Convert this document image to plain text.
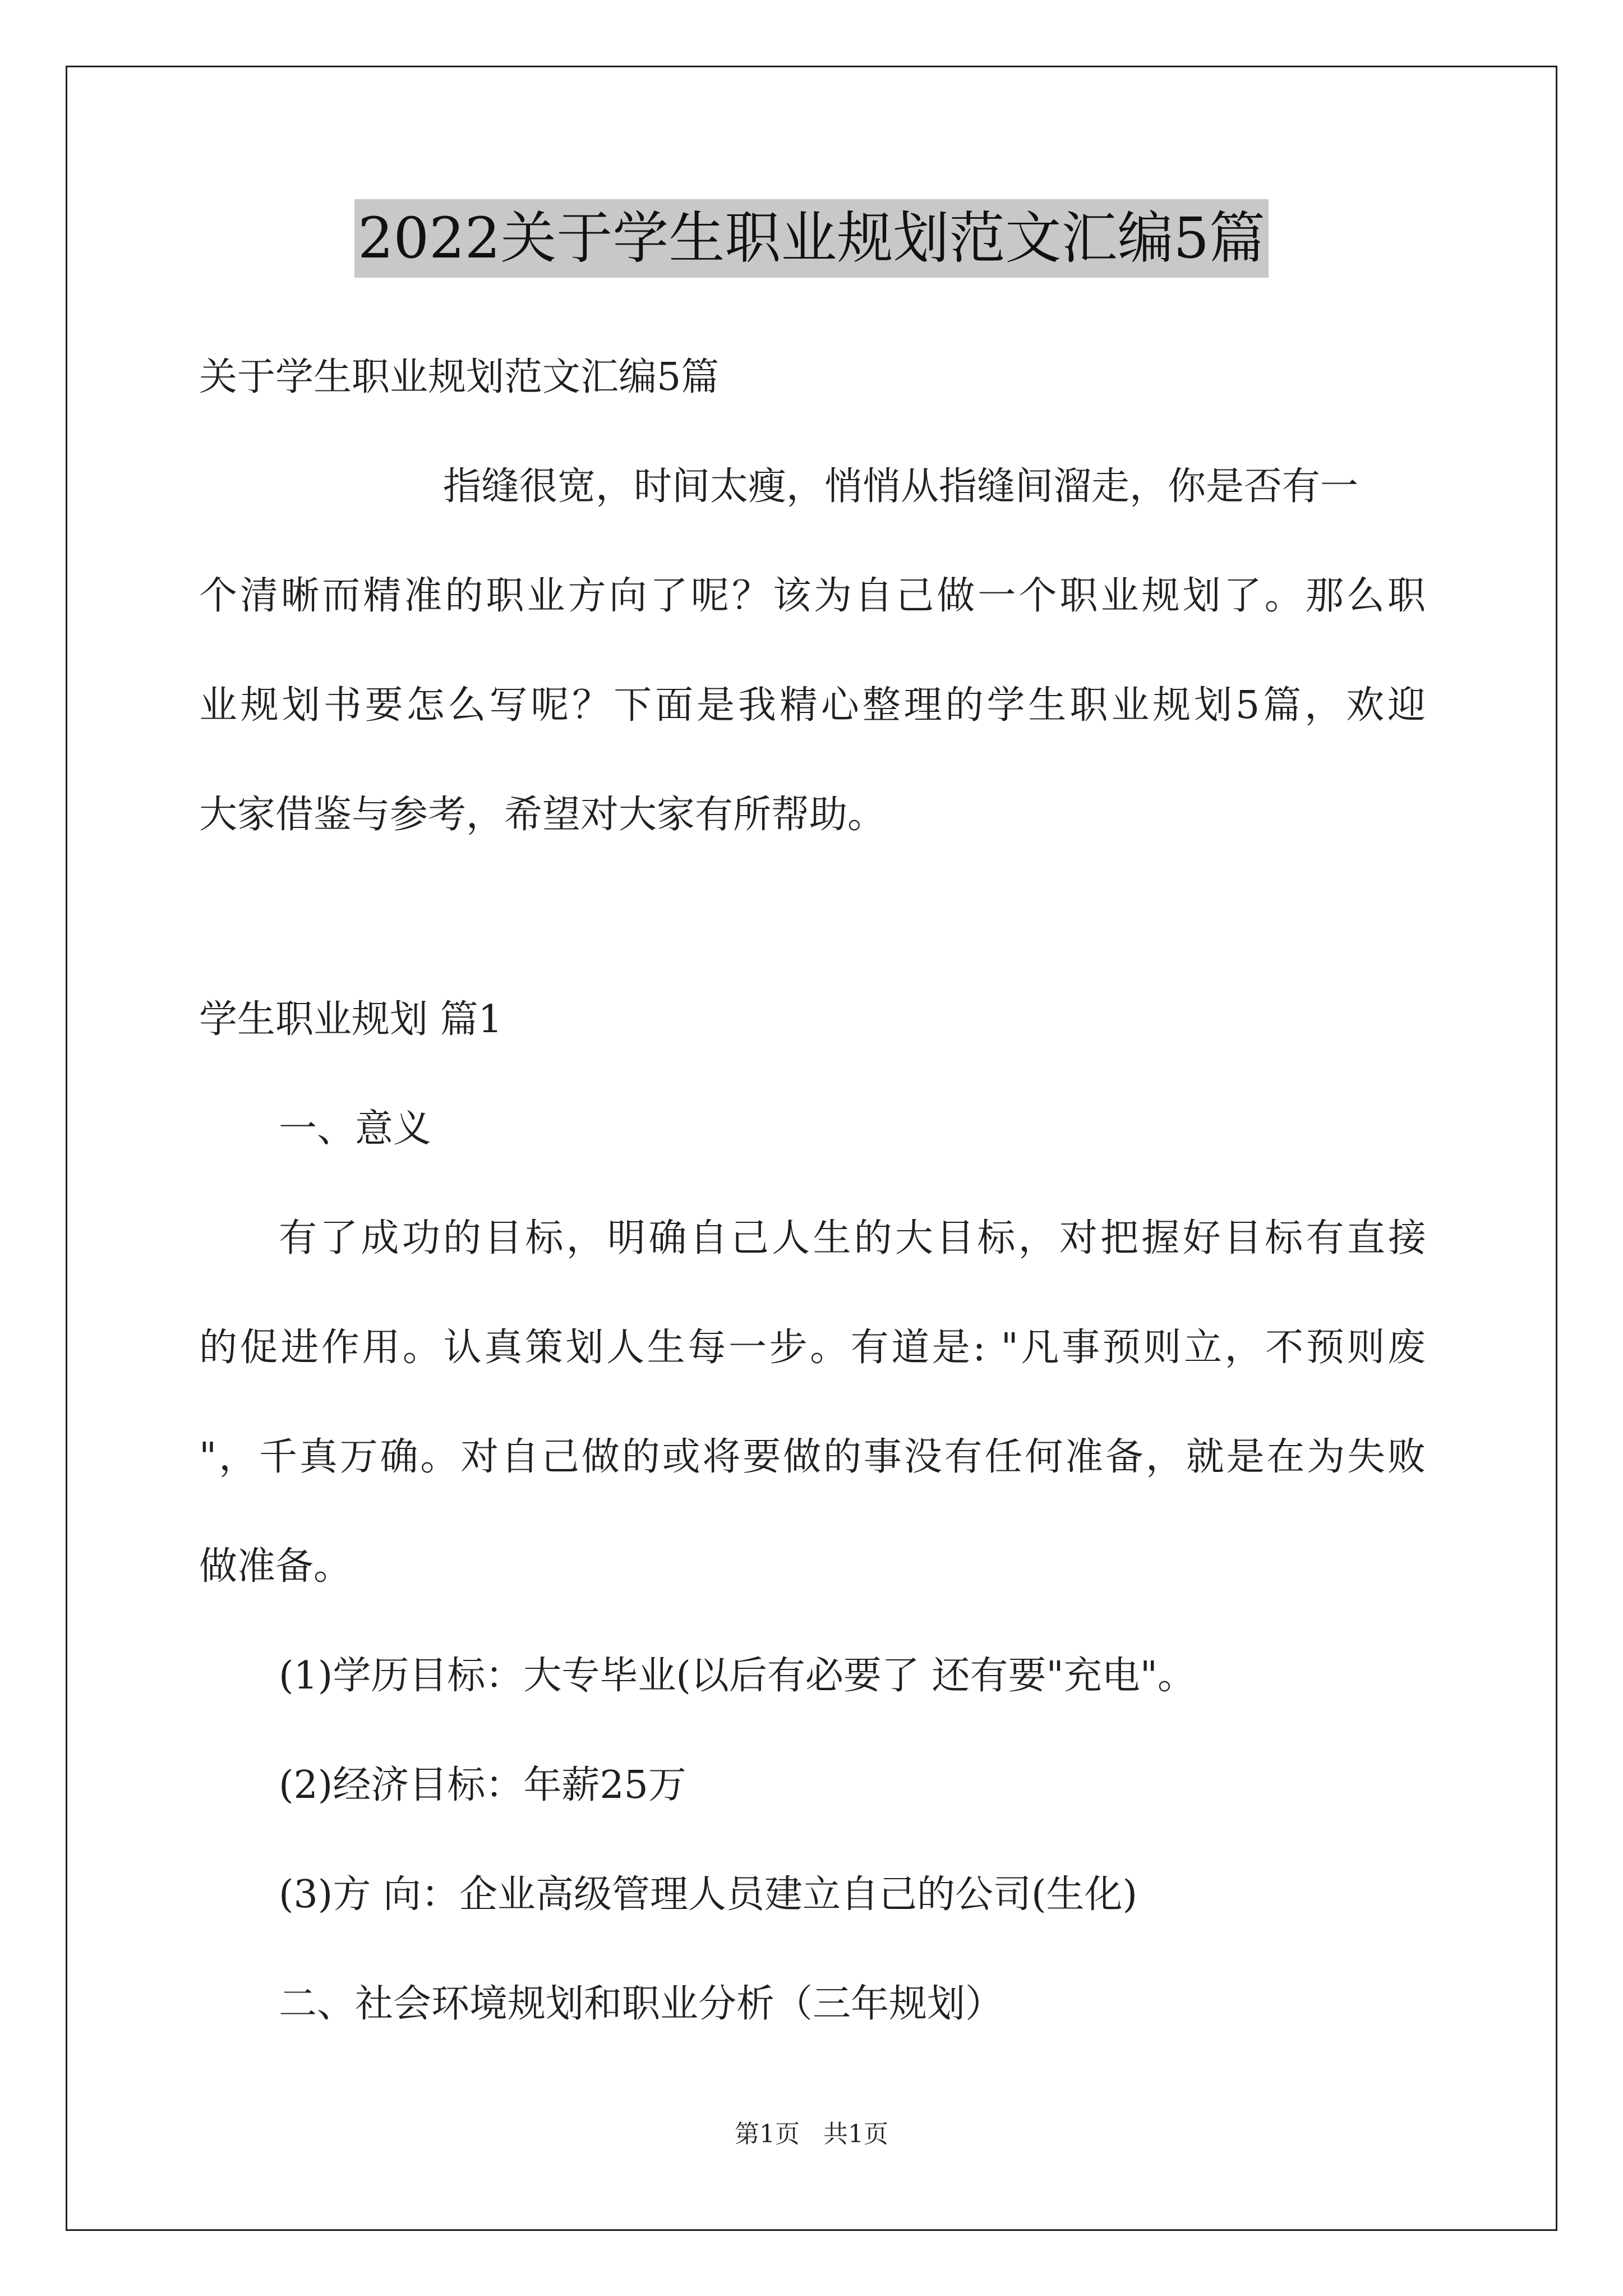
2022关于学生职业规划范文汇编5篇
关于学生职业规划范文汇编5篇
指缝很宽，时间太瘦，悄悄从指缝间溜走，你是否有一
个清晰而精准的职业方向了呢？该为自己做一个职业规划了。那么职
业规划书要怎么写呢？下面是我精心整理的学生职业规划5篇，欢迎
大家借鉴与参考，希望对大家有所帮助。
学生职业规划 篇1
一、意义
有了成功的目标，明确自己人生的大目标，对把握好目标有直接
的促进作用。认真策划人生每一步。有道是: "凡事预则立，不预则废
"，千真万确。对自己做的或将要做的事没有任何准备，就是在为失败
做准备。
(1)学历目标：大专毕业(以后有必要了 还有要"充电"。
(2)经济目标：年薪25万
(3)方 向：企业高级管理人员建立自己的公司(生化)
二、社会环境规划和职业分析（三年规划）
第1页   共1页
